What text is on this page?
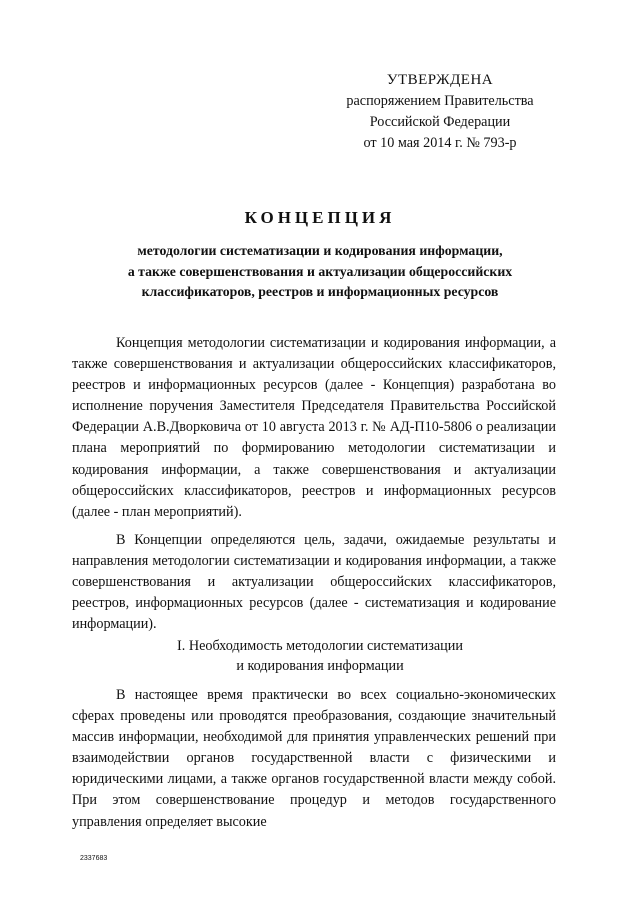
УТВЕРЖДЕНА
распоряжением Правительства
Российской Федерации
от 10 мая 2014 г. № 793-р
КОНЦЕПЦИЯ
методологии систематизации и кодирования информации,
а также совершенствования и актуализации общероссийских
классификаторов, реестров и информационных ресурсов

Концепция методологии систематизации и кодирования информации, а также совершенствования и актуализации общероссийских классификаторов, реестров и информационных ресурсов (далее - Концепция) разработана во исполнение поручения Заместителя Председателя Правительства Российской Федерации А.В.Дворковича от 10 августа 2013 г. № АД-П10-5806 о реализации плана мероприятий по формированию методологии систематизации и кодирования информации, а также совершенствования и актуализации общероссийских классификаторов, реестров и информационных ресурсов (далее - план мероприятий).

В Концепции определяются цель, задачи, ожидаемые результаты и направления методологии систематизации и кодирования информации, а также совершенствования и актуализации общероссийских классификаторов, реестров, информационных ресурсов (далее - систематизация и кодирование информации).

I. Необходимость методологии систематизации
и кодирования информации

В настоящее время практически во всех социально-экономических сферах проведены или проводятся преобразования, создающие значительный массив информации, необходимой для принятия управленческих решений при взаимодействии органов государственной власти с физическими и юридическими лицами, а также органов государственной власти между собой. При этом совершенствование процедур и методов государственного управления определяет высокие

2337683
